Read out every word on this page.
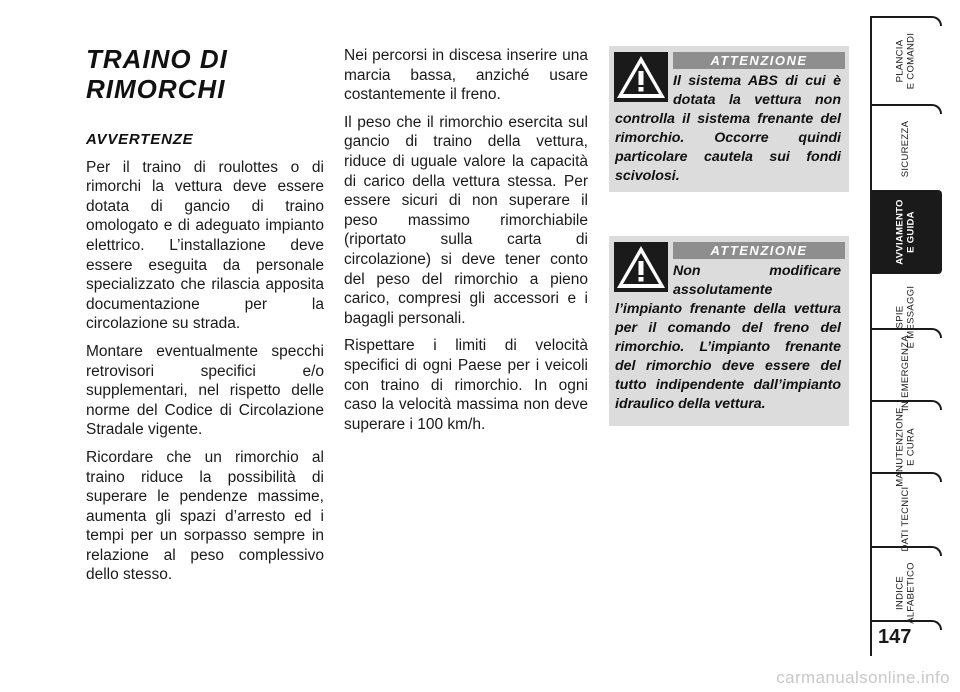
TRAINO DI
RIMORCHI
AVVERTENZE

Per il traino di roulottes o di rimorchi la vettura deve essere dotata di gancio di traino omologato e di adeguato impianto elettrico. L’installazione deve essere eseguita da personale specializzato che rilascia apposita documentazione per la circolazione su strada.

Montare eventualmente specchi retrovisori specifici e/o supplementari, nel rispetto delle norme del Codice di Circolazione Stradale vigente.

Ricordare che un rimorchio al traino riduce la possibilità di superare le pendenze massime, aumenta gli spazi d’arresto ed i tempi per un sorpasso sempre in relazione al peso complessivo dello stesso.

Nei percorsi in discesa inserire una marcia bassa, anziché usare costantemente il freno.

Il peso che il rimorchio esercita sul gancio di traino della vettura, riduce di uguale valore la capacità di carico della vettura stessa. Per essere sicuri di non superare il peso massimo rimorchiabile (riportato sulla carta di circolazione) si deve tener conto del peso del rimorchio a pieno carico, compresi gli accessori e i bagagli personali.

Rispettare i limiti di velocità specifici di ogni Paese per i veicoli con traino di rimorchio. In ogni caso la velocità massima non deve superare i 100 km/h.

ATTENZIONE
Il sistema ABS di cui è dotata la vettura non controlla il sistema frenante del rimorchio. Occorre quindi particolare cautela sui fondi scivolosi.
ATTENZIONE
Non modificare assolutamente l’impianto frenante della vettura per il comando del freno del rimorchio. L’impianto frenante del rimorchio deve essere del tutto indipendente dall’impianto idraulico della vettura.
PLANCIA
E COMANDI
SICUREZZA
AVVIAMENTO
E GUIDA
SPIE
E MESSAGGI
IN EMERGENZA
MANUTENZIONE
E CURA
DATI TECNICI
INDICE
ALFABETICO
147
carmanualsonline.info
